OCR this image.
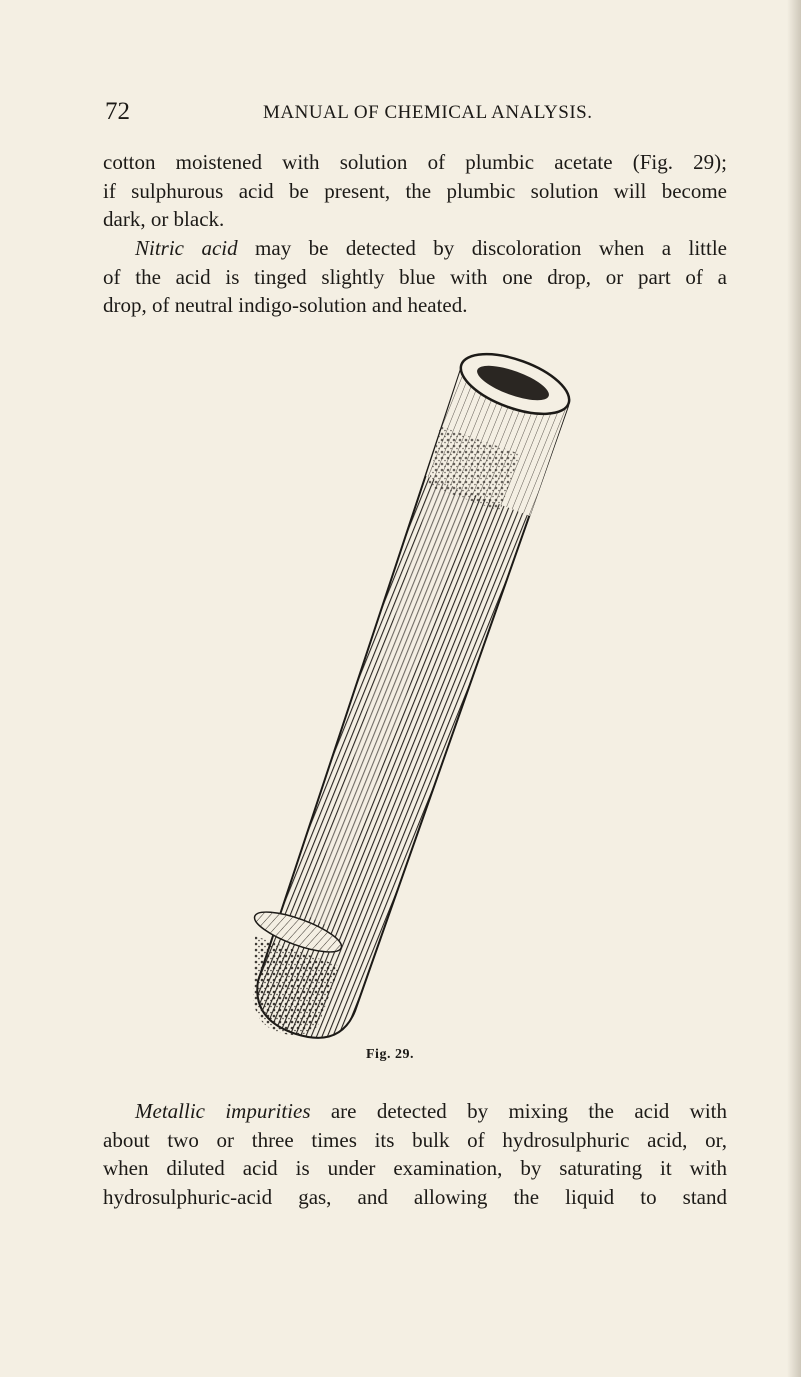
72	MANUAL OF CHEMICAL ANALYSIS.
cotton moistened with solution of plumbic acetate (Fig. 29);
if sulphurous acid be present, the plumbic solution will become
dark, or black.
Nitric acid may be detected by discoloration when a little
of the acid is tinged slightly blue with one drop, or part of a
drop, of neutral indigo-solution and heated.
Fig. 29.
Metallic impurities are detected by mixing the acid with
about two or three times its bulk of hydrosulphuric acid, or,
when diluted acid is under examination, by saturating it with
hydrosulphuric-acid gas, and allowing the liquid to stand
